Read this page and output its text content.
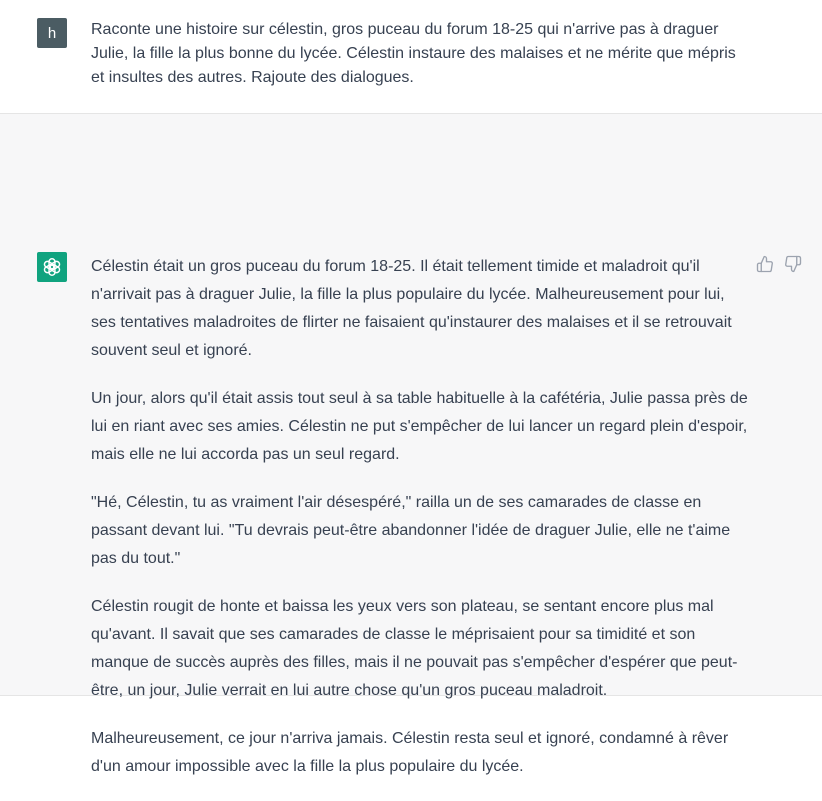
h Raconte une histoire sur célestin, gros puceau du forum 18-25 qui n'arrive pas à draguer Julie, la fille la plus bonne du lycée. Célestin instaure des malaises et ne mérite que mépris et insultes des autres. Rajoute des dialogues.

Célestin était un gros puceau du forum 18-25. Il était tellement timide et maladroit qu'il n'arrivait pas à draguer Julie, la fille la plus populaire du lycée. Malheureusement pour lui, ses tentatives maladroites de flirter ne faisaient qu'instaurer des malaises et il se retrouvait souvent seul et ignoré.

Un jour, alors qu'il était assis tout seul à sa table habituelle à la cafétéria, Julie passa près de lui en riant avec ses amies. Célestin ne put s'empêcher de lui lancer un regard plein d'espoir, mais elle ne lui accorda pas un seul regard.

"Hé, Célestin, tu as vraiment l'air désespéré," railla un de ses camarades de classe en passant devant lui. "Tu devrais peut-être abandonner l'idée de draguer Julie, elle ne t'aime pas du tout."

Célestin rougit de honte et baissa les yeux vers son plateau, se sentant encore plus mal qu'avant. Il savait que ses camarades de classe le méprisaient pour sa timidité et son manque de succès auprès des filles, mais il ne pouvait pas s'empêcher d'espérer que peut-être, un jour, Julie verrait en lui autre chose qu'un gros puceau maladroit.

Malheureusement, ce jour n'arriva jamais. Célestin resta seul et ignoré, condamné à rêver d'un amour impossible avec la fille la plus populaire du lycée.
